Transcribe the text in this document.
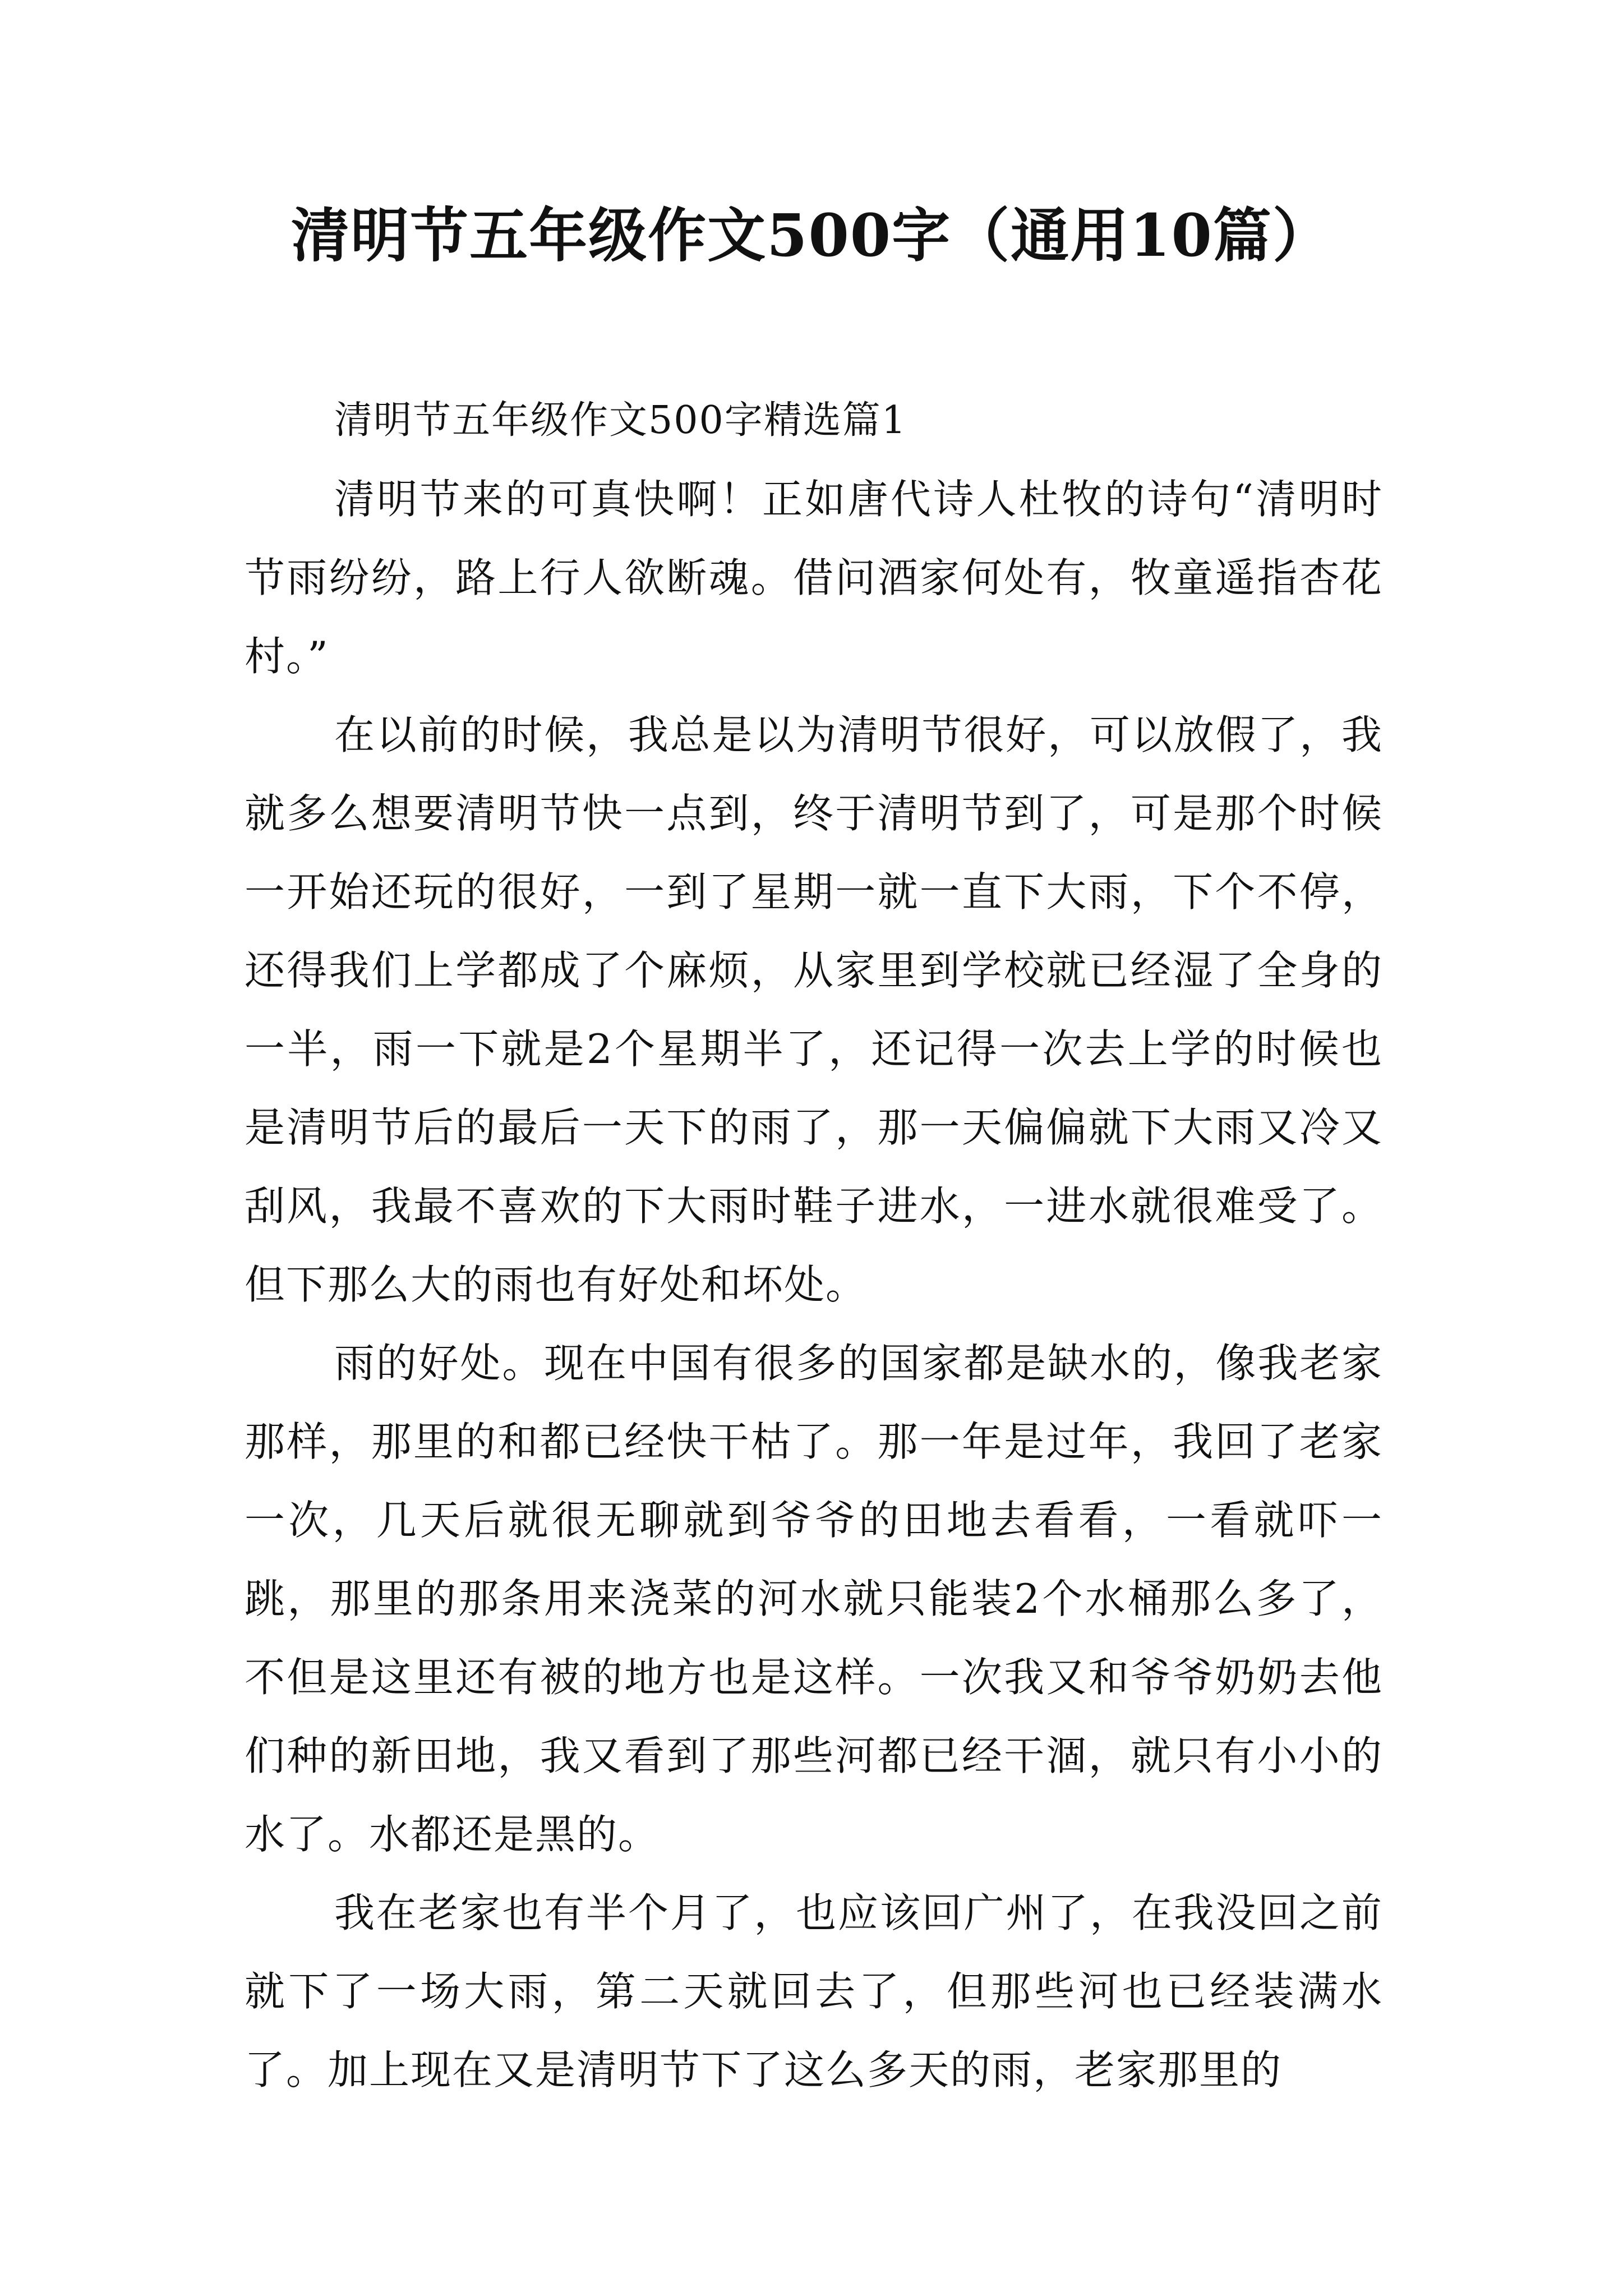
清明节五年级作文500字（通用10篇）

清明节五年级作文500字精选篇1

清明节来的可真快啊！正如唐代诗人杜牧的诗句“清明时节雨纷纷，路上行人欲断魂。借问酒家何处有，牧童遥指杏花村。”

在以前的时候，我总是以为清明节很好，可以放假了，我就多么想要清明节快一点到，终于清明节到了，可是那个时候一开始还玩的很好，一到了星期一就一直下大雨，下个不停，还得我们上学都成了个麻烦，从家里到学校就已经湿了全身的一半，雨一下就是2个星期半了，还记得一次去上学的时候也是清明节后的最后一天下的雨了，那一天偏偏就下大雨又冷又刮风，我最不喜欢的下大雨时鞋子进水，一进水就很难受了。但下那么大的雨也有好处和坏处。

雨的好处。现在中国有很多的国家都是缺水的，像我老家那样，那里的和都已经快干枯了。那一年是过年，我回了老家一次，几天后就很无聊就到爷爷的田地去看看，一看就吓一跳，那里的那条用来浇菜的河水就只能装2个水桶那么多了，不但是这里还有被的地方也是这样。一次我又和爷爷奶奶去他们种的新田地，我又看到了那些河都已经干涸，就只有小小的水了。水都还是黑的。

我在老家也有半个月了，也应该回广州了，在我没回之前就下了一场大雨，第二天就回去了，但那些河也已经装满水了。加上现在又是清明节下了这么多天的雨，老家那里的
